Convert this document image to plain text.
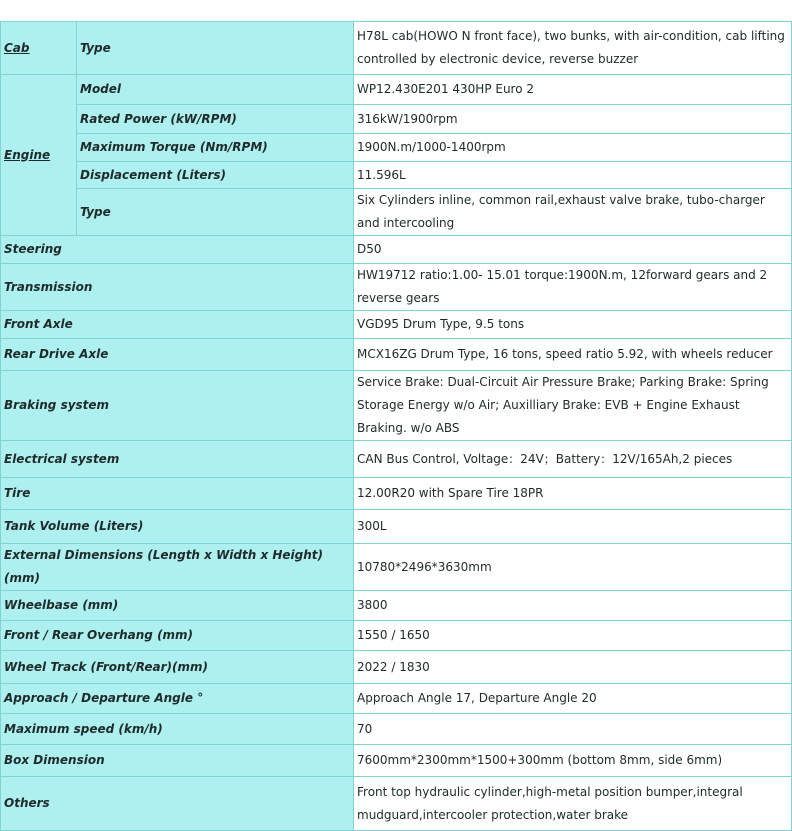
Cab	Type	H78L cab(HOWO N front face), two bunks, with air-condition, cab lifting controlled by electronic device, reverse buzzer
Engine	Model	WP12.430E201 430HP Euro 2
	Rated Power (kW/RPM)	316kW/1900rpm
	Maximum Torque (Nm/RPM)	1900N.m/1000-1400rpm
	Displacement (Liters)	11.596L
	Type	Six Cylinders inline, common rail,exhaust valve brake, tubo-charger and intercooling
Steering		D50
Transmission		HW19712 ratio:1.00- 15.01 torque:1900N.m, 12forward gears and 2 reverse gears
Front Axle		VGD95 Drum Type, 9.5 tons
Rear Drive Axle		MCX16ZG Drum Type, 16 tons, speed ratio 5.92, with wheels reducer
Braking system		Service Brake: Dual-Circuit Air Pressure Brake; Parking Brake: Spring Storage Energy w/o Air; Auxilliary Brake: EVB + Engine Exhaust Braking. w/o ABS
Electrical system		CAN Bus Control, Voltage：24V；Battery：12V/165Ah,2 pieces
Tire		12.00R20 with Spare Tire 18PR
Tank Volume (Liters)		300L
External Dimensions (Length x Width x Height)(mm)		10780*2496*3630mm
Wheelbase (mm)		3800
Front / Rear Overhang (mm)		1550 / 1650
Wheel Track (Front/Rear)(mm)		2022 / 1830
Approach / Departure Angle °		Approach Angle 17, Departure Angle 20
Maximum speed (km/h)		70
Box Dimension		7600mm*2300mm*1500+300mm (bottom 8mm, side 6mm)
Others		Front top hydraulic cylinder,high-metal position bumper,integral mudguard,intercooler protection,water brake
